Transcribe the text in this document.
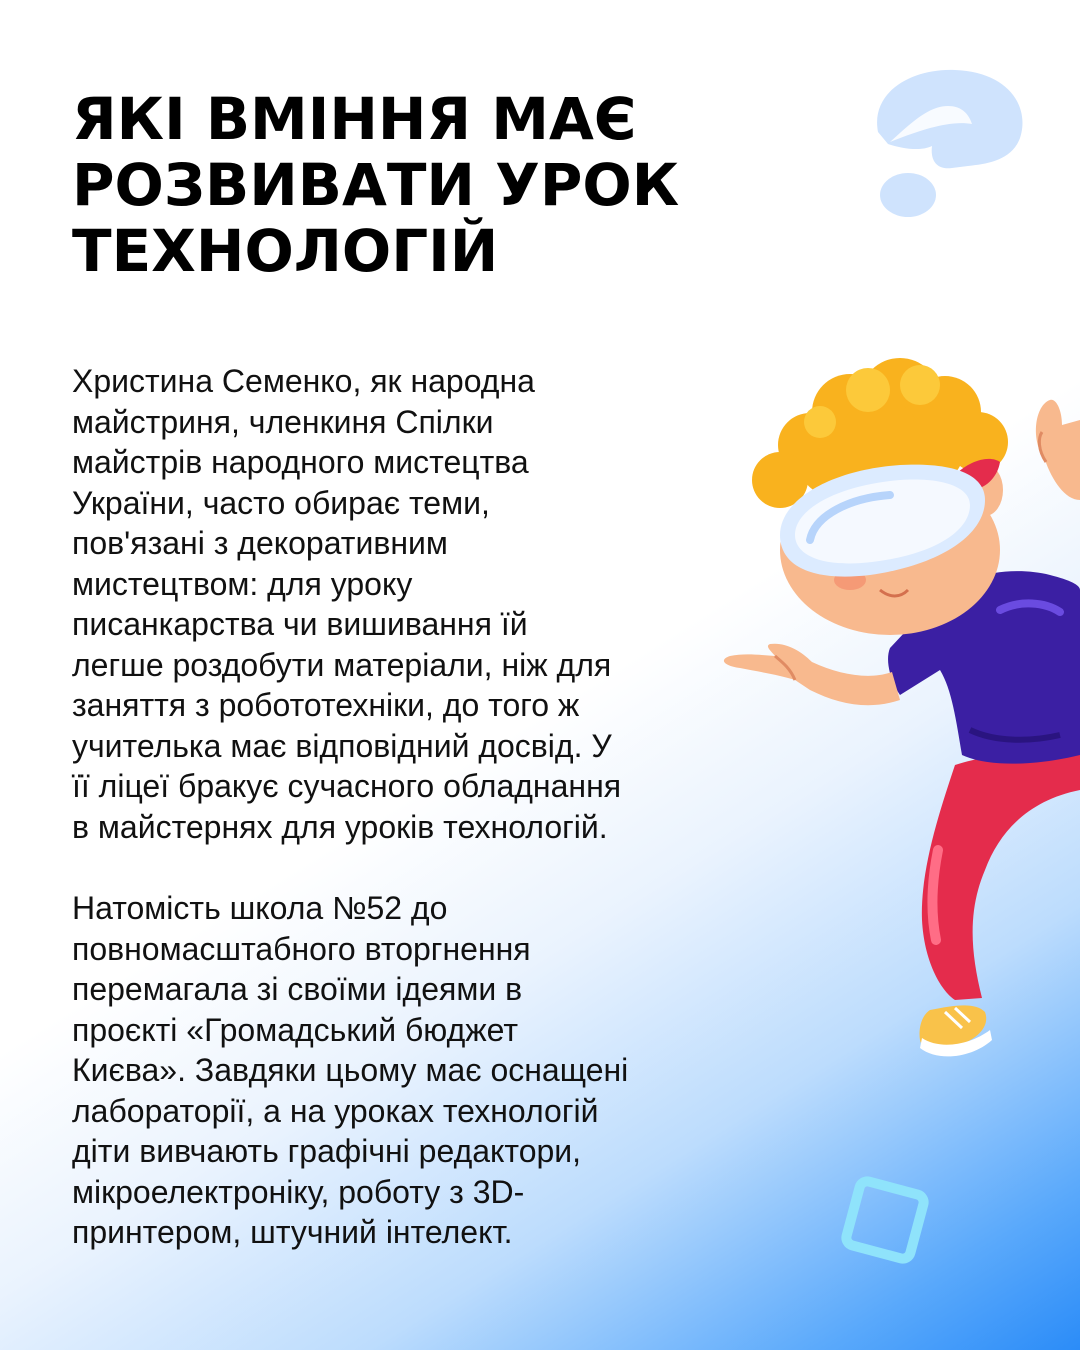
ЯКІ ВМІННЯ МАЄ
РОЗВИВАТИ УРОК
ТЕХНОЛОГІЙ

Христина Семенко, як народна
майстриня, членкиня Спілки
майстрів народного мистецтва
України, часто обирає теми,
пов'язані з декоративним
мистецтвом: для уроку
писанкарства чи вишивання їй
легше роздобути матеріали, ніж для
заняття з робототехніки, до того ж
учителька має відповідний досвід. У
її ліцеї бракує сучасного обладнання
в майстернях для уроків технологій.

Натомість школа №52 до
повномасштабного вторгнення
перемагала зі своїми ідеями в
проєкті «Громадський бюджет
Києва». Завдяки цьому має оснащені
лабораторії, а на уроках технологій
діти вивчають графічні редактори,
мікроелектроніку, роботу з 3D-
принтером, штучний інтелект.
